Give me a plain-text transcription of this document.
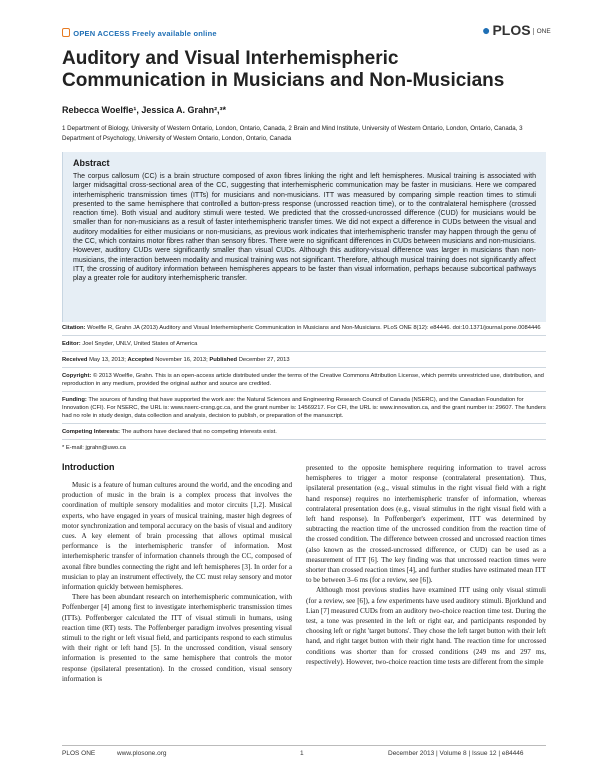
OPEN ACCESS Freely available online	● PLOS ONE
Auditory and Visual Interhemispheric Communication in Musicians and Non-Musicians
Rebecca Woelfle¹, Jessica A. Grahn²,³*
1 Department of Biology, University of Western Ontario, London, Ontario, Canada, 2 Brain and Mind Institute, University of Western Ontario, London, Ontario, Canada, 3 Department of Psychology, University of Western Ontario, London, Ontario, Canada
Abstract

The corpus callosum (CC) is a brain structure composed of axon fibres linking the right and left hemispheres. Musical training is associated with larger midsagittal cross-sectional area of the CC, suggesting that interhemispheric communication may be faster in musicians. Here we compared interhemispheric transmission times (ITTs) for musicians and non-musicians. ITT was measured by comparing simple reaction times to stimuli presented to the same hemisphere that controlled a button-press response (uncrossed reaction time), or to the contralateral hemisphere (crossed reaction time). Both visual and auditory stimuli were tested. We predicted that the crossed-uncrossed difference (CUD) for musicians would be smaller than for non-musicians as a result of faster interhemispheric transfer times. We did not expect a difference in CUDs between the visual and auditory modalities for either musicians or non-musicians, as previous work indicates that interhemispheric transfer may happen through the genu of the CC, which contains motor fibres rather than sensory fibres. There were no significant differences in CUDs between musicians and non-musicians. However, auditory CUDs were significantly smaller than visual CUDs. Although this auditory-visual difference was larger in musicians than non-musicians, the interaction between modality and musical training was not significant. Therefore, although musical training does not significantly affect ITT, the crossing of auditory information between hemispheres appears to be faster than visual information, perhaps because subcortical pathways play a greater role for auditory interhemispheric transfer.

Citation: Woelfle R, Grahn JA (2013) Auditory and Visual Interhemispheric Communication in Musicians and Non-Musicians. PLoS ONE 8(12): e84446. doi:10.1371/journal.pone.0084446

Editor: Joel Snyder, UNLV, United States of America

Received May 13, 2013; Accepted November 16, 2013; Published December 27, 2013

Copyright: © 2013 Woelfle, Grahn. This is an open-access article distributed under the terms of the Creative Commons Attribution License, which permits unrestricted use, distribution, and reproduction in any medium, provided the original author and source are credited.

Funding: The sources of funding that have supported the work are: the Natural Sciences and Engineering Research Council of Canada (NSERC), and the Canadian Foundation for Innovation (CFI). For NSERC, the URL is: www.nserc-crsng.gc.ca, and the grant number is: 14569217. For CFI, the URL is: www.innovation.ca, and the grant number is: 29607. The funders had no role in study design, data collection and analysis, decision to publish, or preparation of the manuscript.

Competing Interests: The authors have declared that no competing interests exist.

* E-mail: jgrahn@uwo.ca

Introduction

Music is a feature of human cultures around the world, and the encoding and production of music in the brain is a complex process that involves the coordination of multiple sensory modalities and motor circuits [1,2]. Musical experts, who have engaged in years of musical training, master high degrees of motor synchronization and temporal accuracy on the basis of visual and auditory cues. A key element of brain processing that allows optimal musical performance is the interhemispheric transfer of information. Most interhemispheric transfer of information channels through the CC, composed of axonal fibre bundles connecting the right and left hemispheres [3]. In order for a musician to play an instrument effectively, the CC must relay sensory and motor information quickly between hemispheres.

There has been abundant research on interhemispheric communication, with Poffenberger [4] among first to investigate interhemispheric transmission times (ITTs). Poffenberger calculated the ITT of visual stimuli in humans, using reaction time (RT) tests. The Poffenberger paradigm involves presenting visual stimuli to the right or left visual field, and participants respond to each stimulus with their right or left hand [5]. In the uncrossed condition, visual sensory information is presented to the same hemisphere that controls the motor response (ipsilateral presentation). In the crossed condition, visual sensory information is

presented to the opposite hemisphere requiring information to travel across hemispheres to trigger a motor response (contralateral presentation). Thus, ipsilateral presentation (e.g., visual stimulus in the right visual field with a right hand response) requires no interhemispheric transfer of information, whereas contralateral presentation does (e.g., visual stimulus in the right visual field with a left hand response). In Poffenberger's experiment, ITT was determined by subtracting the reaction time of the uncrossed condition from the reaction time of the crossed condition. The difference between crossed and uncrossed reaction times (also known as the crossed-uncrossed difference, or CUD) can be used as a measurement of ITT [6]. The key finding was that uncrossed reaction times were shorter than crossed reaction times [4], and further studies have estimated mean ITT to be between 3–6 ms (for a review, see [6]).

Although most previous studies have examined ITT using only visual stimuli (for a review, see [6]), a few experiments have used auditory stimuli. Bjorklund and Lian [7] measured CUDs from an auditory two-choice reaction time test. During the test, a tone was presented in the left or right ear, and participants responded by choosing left or right 'target buttons'. They chose the left target button with their left hand, and right target button with their right hand. The reaction time for uncrossed conditions was shorter than for crossed conditions (249 ms and 297 ms, respectively). However, two-choice reaction time tests are different from the simple

PLOS ONE	www.plosone.org	1	December 2013 | Volume 8 | Issue 12 | e84446
